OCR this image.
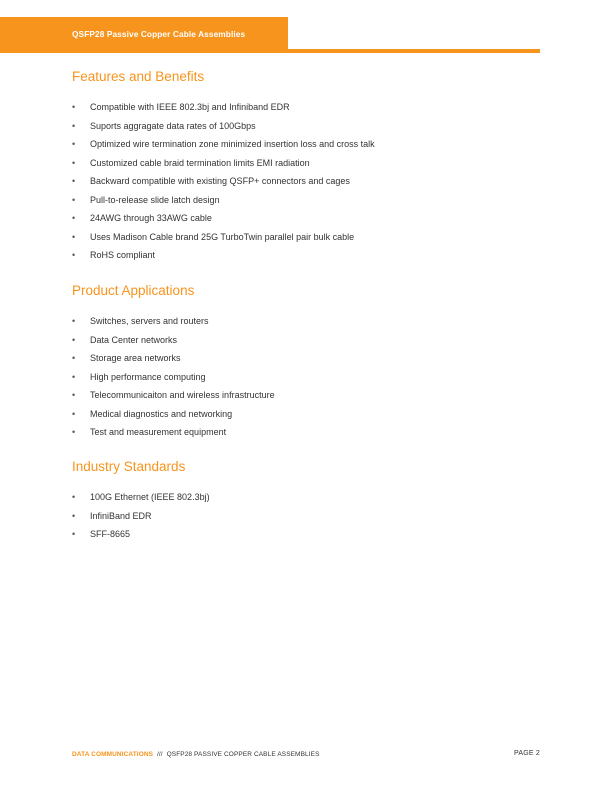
QSFP28 Passive Copper Cable Assemblies
Features and Benefits
• Compatible with IEEE 802.3bj and Infiniband EDR
• Suports aggragate data rates of 100Gbps
• Optimized wire termination zone minimized insertion loss and cross talk
• Customized cable braid termination limits EMI radiation
• Backward compatible with existing QSFP+ connectors and cages
• Pull-to-release slide latch design
• 24AWG through 33AWG cable
• Uses Madison Cable brand 25G TurboTwin parallel pair bulk cable
• RoHS compliant
Product Applications
• Switches, servers and routers
• Data Center networks
• Storage area networks
• High performance computing
• Telecommunicaiton and wireless infrastructure
• Medical diagnostics and networking
• Test and measurement equipment
Industry Standards
• 100G Ethernet (IEEE 802.3bj)
• InfiniBand EDR
• SFF-8665
DATA COMMUNICATIONS /// QSFP28 PASSIVE COPPER CABLE ASSEMBLIES	PAGE 2
